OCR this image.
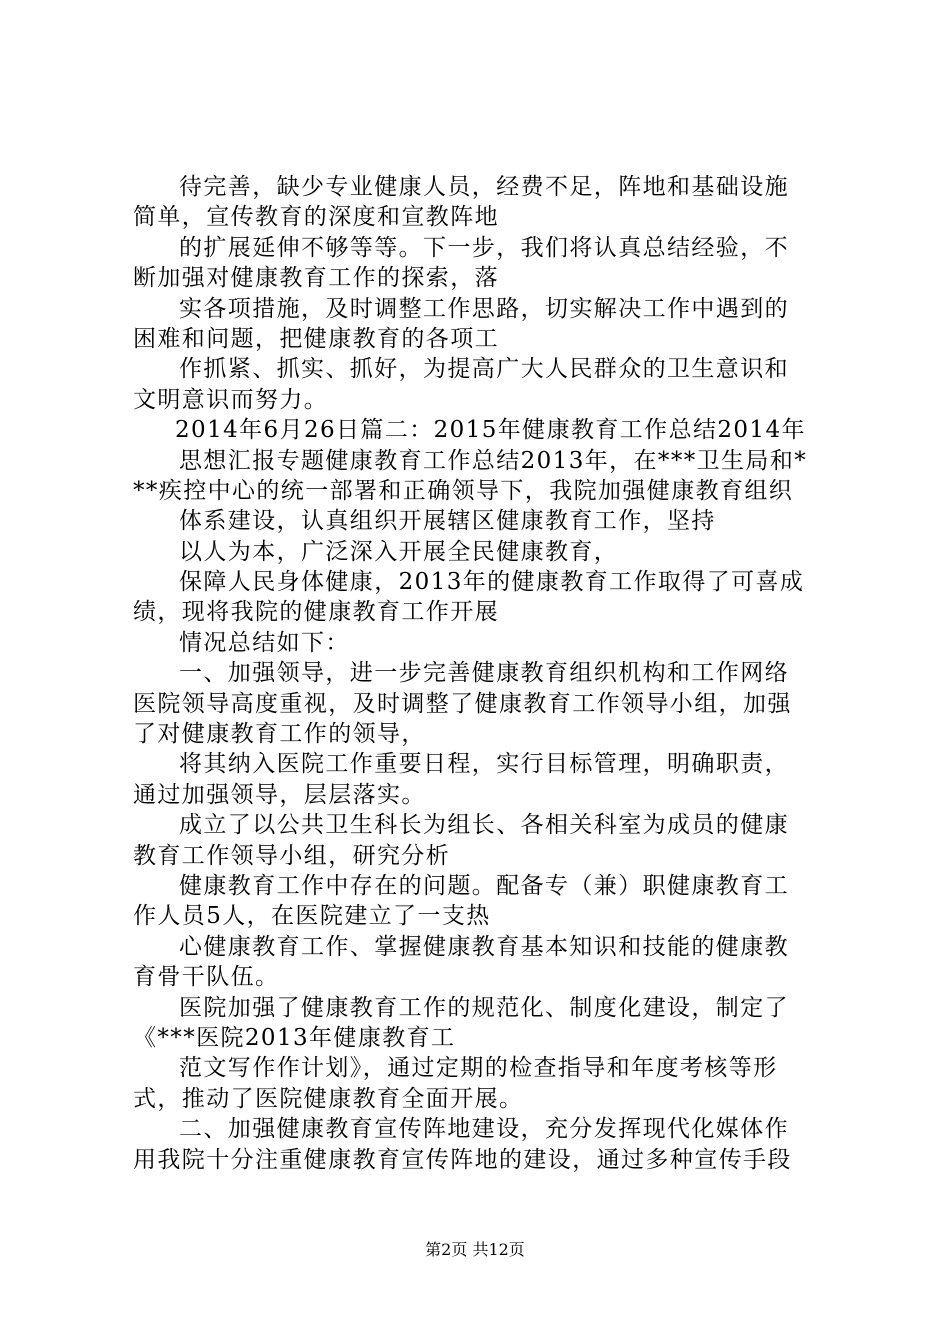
待完善，缺少专业健康人员，经费不足，阵地和基础设施
简单，宣传教育的深度和宣教阵地
的扩展延伸不够等等。下一步，我们将认真总结经验，不
断加强对健康教育工作的探索，落
实各项措施，及时调整工作思路，切实解决工作中遇到的
困难和问题，把健康教育的各项工
作抓紧、抓实、抓好，为提高广大人民群众的卫生意识和
文明意识而努力。
2014年6月26日篇二：2015年健康教育工作总结2014年
思想汇报专题健康教育工作总结2013年，在***卫生局和*
**疾控中心的统一部署和正确领导下，我院加强健康教育组织
体系建设，认真组织开展辖区健康教育工作，坚持
以人为本，广泛深入开展全民健康教育，
保障人民身体健康，2013年的健康教育工作取得了可喜成
绩，现将我院的健康教育工作开展
情况总结如下：
一、加强领导，进一步完善健康教育组织机构和工作网络
医院领导高度重视，及时调整了健康教育工作领导小组，加强
了对健康教育工作的领导，
将其纳入医院工作重要日程，实行目标管理，明确职责，
通过加强领导，层层落实。
成立了以公共卫生科长为组长、各相关科室为成员的健康
教育工作领导小组，研究分析
健康教育工作中存在的问题。配备专（兼）职健康教育工
作人员5人，在医院建立了一支热
心健康教育工作、掌握健康教育基本知识和技能的健康教
育骨干队伍。
医院加强了健康教育工作的规范化、制度化建设，制定了
《***医院2013年健康教育工
范文写作作计划》，通过定期的检查指导和年度考核等形
式，推动了医院健康教育全面开展。
二、加强健康教育宣传阵地建设，充分发挥现代化媒体作
用我院十分注重健康教育宣传阵地的建设，通过多种宣传手段
第2页 共12页
